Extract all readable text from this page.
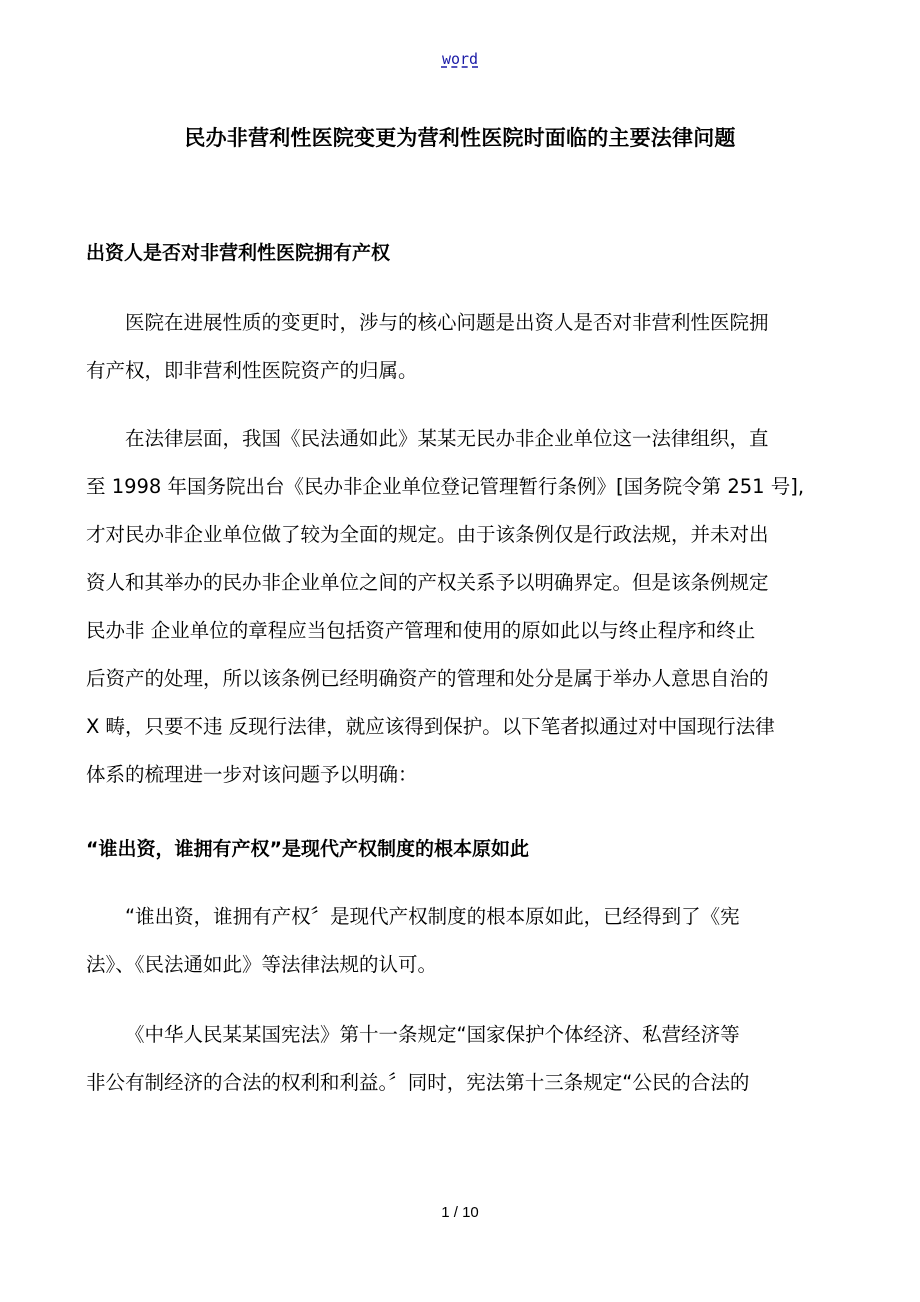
word
民办非营利性医院变更为营利性医院时面临的主要法律问题
出资人是否对非营利性医院拥有产权
医院在进展性质的变更时，涉与的核心问题是出资人是否对非营利性医院拥
有产权，即非营利性医院资产的归属。
在法律层面，我国《民法通如此》某某无民办非企业单位这一法律组织，直
至 1998 年国务院出台《民办非企业单位登记管理暂行条例》[国务院令第 251 号],
才对民办非企业单位做了较为全面的规定。由于该条例仅是行政法规，并未对出
资人和其举办的民办非企业单位之间的产权关系予以明确界定。但是该条例规定
民办非 企业单位的章程应当包括资产管理和使用的原如此以与终止程序和终止
后资产的处理，所以该条例已经明确资产的管理和处分是属于举办人意思自治的
X 畴，只要不违 反现行法律，就应该得到保护。以下笔者拟通过对中国现行法律
体系的梳理进一步对该问题予以明确：
“谁出资，谁拥有产权”是现代产权制度的根本原如此
“谁出资，谁拥有产权〞是现代产权制度的根本原如此，已经得到了《宪
法》、《民法通如此》等法律法规的认可。
《中华人民某某国宪法》第十一条规定“国家保护个体经济、私营经济等
非公有制经济的合法的权利和利益。〞同时，宪法第十三条规定“公民的合法的
1 / 10
